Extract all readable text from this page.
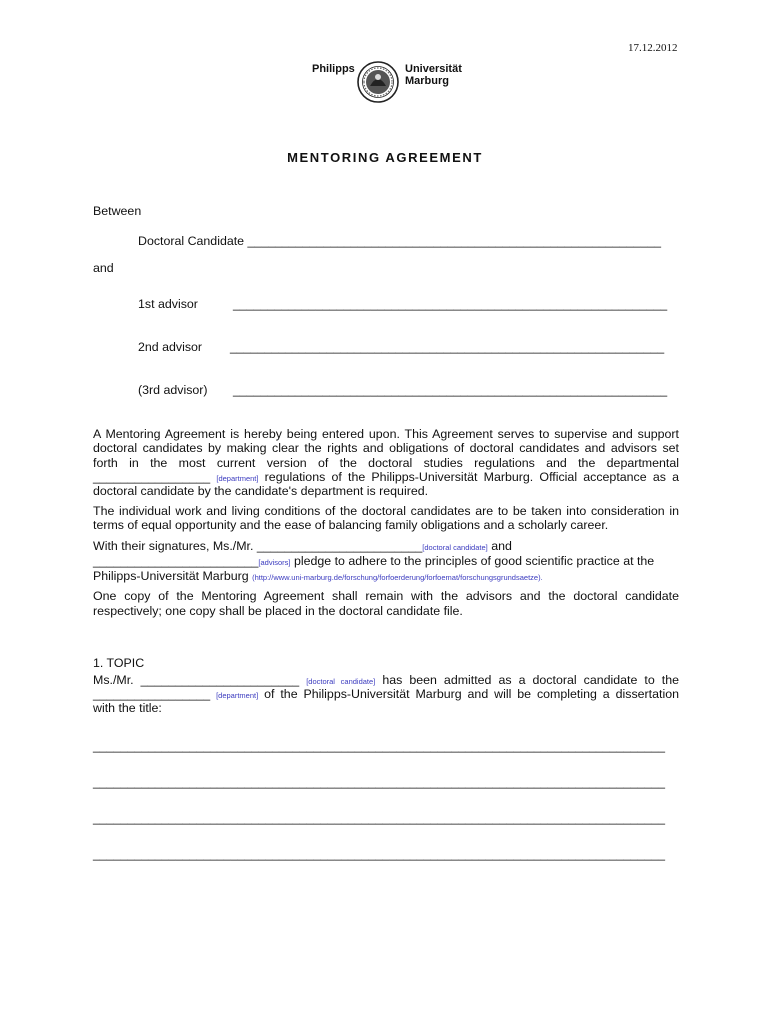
17.12.2012
Philipps	Universität
Marburg
MENTORING AGREEMENT
Between
Doctoral Candidate ____________________________________________________________
and
1st advisor	_______________________________________________________________
2nd advisor _______________________________________________________________
(3rd advisor) _______________________________________________________________
A Mentoring Agreement is hereby being entered upon. This Agreement serves to supervise and support
doctoral candidates by making clear the rights and obligations of doctoral candidates and advisors set
forth in the most current version of the doctoral studies regulations and the departmental
_________________ [department] regulations of the Philipps-Universität Marburg. Official acceptance as a
doctoral candidate by the candidate's department is required.
The individual work and living conditions of the doctoral candidates are to be taken into consideration in
terms of equal opportunity and the ease of balancing family obligations and a scholarly career.
With their signatures, Ms./Mr. ________________________[doctoral candidate] and
________________________[advisors] pledge to adhere to the principles of good scientific practice at the
Philipps-Universität Marburg (http://www.uni-marburg.de/forschung/forfoerderung/forfoemat/forschungsgrundsaetze).
One copy of the Mentoring Agreement shall remain with the advisors and the doctoral candidate
respectively; one copy shall be placed in the doctoral candidate file.
1. TOPIC
Ms./Mr. _______________________ [doctoral candidate] has been admitted as a doctoral candidate to the
_________________ [department] of the Philipps-Universität Marburg and will be completing a dissertation
with the title:
___________________________________________________________________________________
___________________________________________________________________________________
___________________________________________________________________________________
___________________________________________________________________________________
